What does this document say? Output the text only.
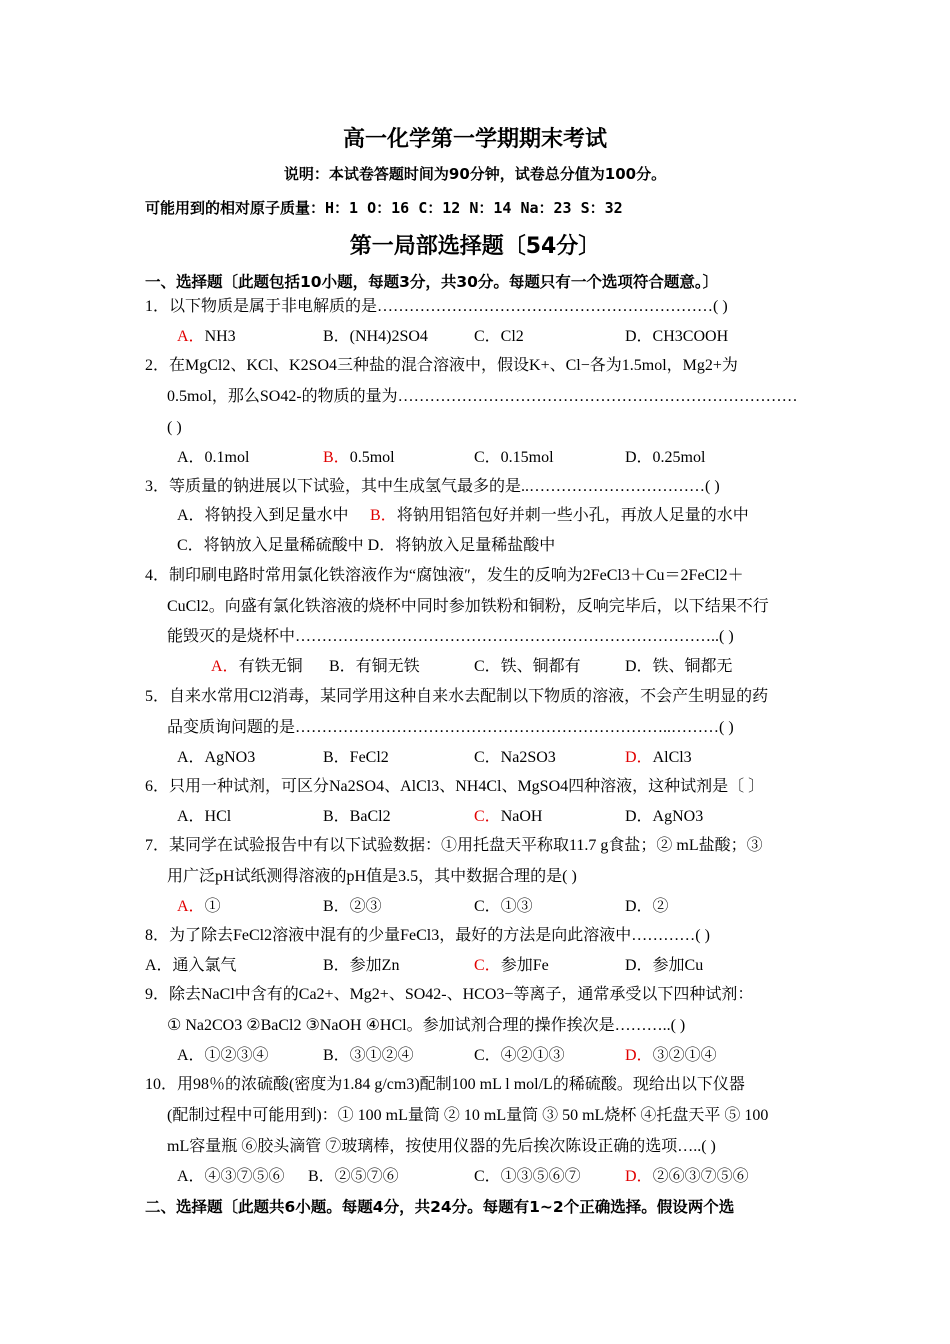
高一化学第一学期期末考试
说明：本试卷答题时间为90分钟，试卷总分值为100分。
可能用到的相对原子质量：H：1 O：16 C：12 N：14 Na：23 S：32
第一局部选择题〔54分〕
一、选择题〔此题包括10小题，每题3分，共30分。每题只有一个选项符合题意。〕
1．以下物质是属于非电解质的是………………………………………………………( )
A．NH3	B．(NH4)2SO4	C．Cl2	D．CH3COOH
2．在MgCl2、KCl、K2SO4三种盐的混合溶液中，假设K+、Cl−各为1.5mol，Mg2+为
0.5mol，那么SO42-的物质的量为…………………………………………………………………
( )
A．0.1mol	B．0.5mol	C．0.15mol	D．0.25mol
3．等质量的钠进展以下试验，其中生成氢气最多的是..……………………………( )
A．将钠投入到足量水中 B．将钠用铝箔包好并刺一些小孔，再放人足量的水中
C．将钠放入足量稀硫酸中 D．将钠放入足量稀盐酸中
4．制印刷电路时常用氯化铁溶液作为“腐蚀液″，发生的反响为2FeCl3＋Cu＝2FeCl2＋
CuCl2。向盛有氯化铁溶液的烧杯中同时参加铁粉和铜粉，反响完毕后，以下结果不行
能毁灭的是烧杯中……………………………………………………………………..( )
A．有铁无铜 B．有铜无铁	C．铁、铜都有	D．铁、铜都无
5．自来水常用Cl2消毒，某同学用这种自来水去配制以下物质的溶液，不会产生明显的药
品变质询问题的是……………………………………………………………..………( )
A．AgNO3	B．FeCl2	C．Na2SO3	D．AlCl3
6．只用一种试剂，可区分Na2SO4、AlCl3、NH4Cl、MgSO4四种溶液，这种试剂是〔 〕
A．HCl	B．BaCl2	C．NaOH	D．AgNO3
7．某同学在试验报告中有以下试验数据：①用托盘天平称取11.7 g食盐；② mL盐酸；③
用广泛pH试纸测得溶液的pH值是3.5，其中数据合理的是( )
A．①	B．②③	C．①③	D．②
8．为了除去FeCl2溶液中混有的少量FeCl3，最好的方法是向此溶液中…………( )
A．通入氯气	B．参加Zn	C．参加Fe	D．参加Cu
9．除去NaCl中含有的Ca2+、Mg2+、SO42-、HCO3−等离子，通常承受以下四种试剂：
① Na2CO3 ②BaCl2 ③NaOH ④HCl。参加试剂合理的操作挨次是………..( )
A．①②③④	B．③①②④	C．④②①③	D．③②①④
10．用98％的浓硫酸(密度为1.84 g/cm3)配制100 mL l mol/L的稀硫酸。现给出以下仪器
(配制过程中可能用到)：① 100 mL量筒 ② 10 mL量筒 ③ 50 mL烧杯 ④托盘天平 ⑤ 100
mL容量瓶 ⑥胶头滴管 ⑦玻璃棒，按使用仪器的先后挨次陈设正确的选项…..( )
A．④③⑦⑤⑥ B．②⑤⑦⑥	C．①③⑤⑥⑦	D．②⑥③⑦⑤⑥
二、选择题〔此题共6小题。每题4分，共24分。每题有1~2个正确选择。假设两个选
